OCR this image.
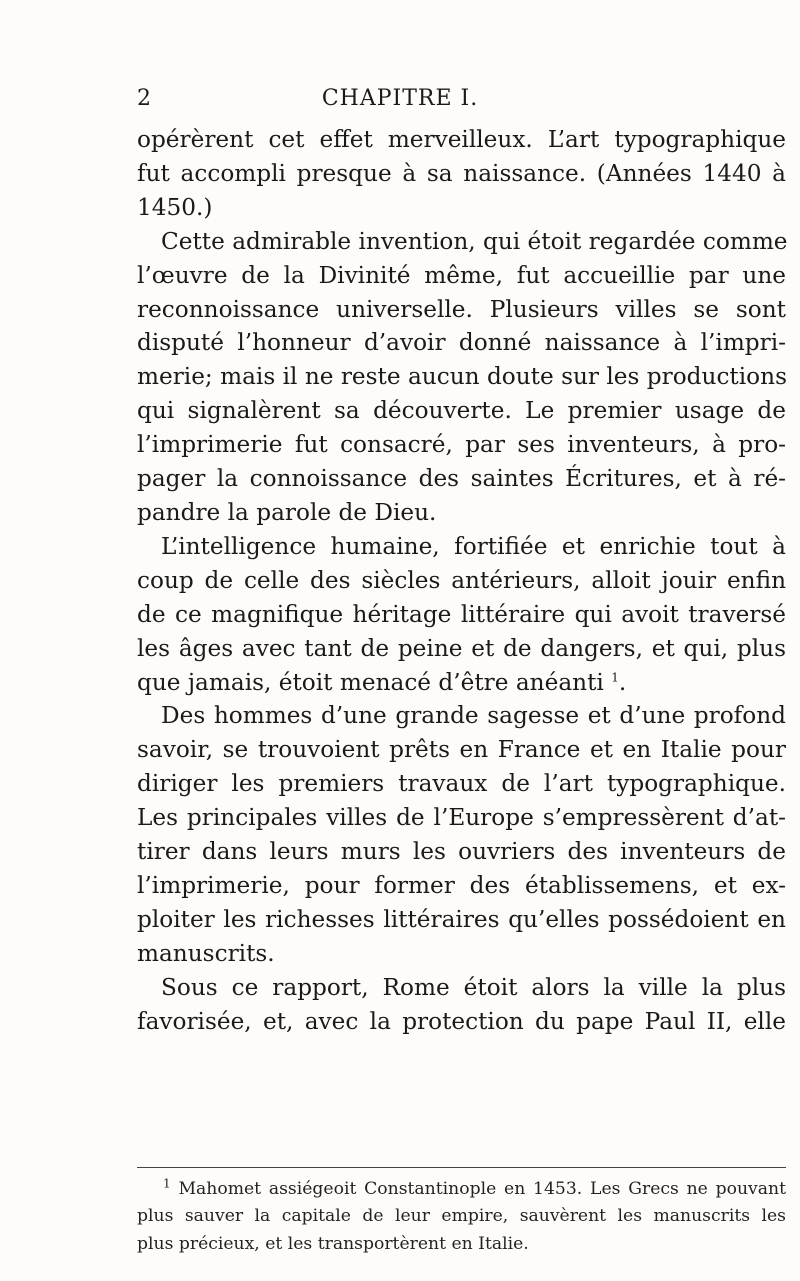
2	CHAPITRE I.
opérèrent cet effet merveilleux. L’art typographique
fut accompli presque à sa naissance. (Années 1440 à
1450.)
Cette admirable invention, qui étoit regardée comme
l’œuvre de la Divinité même, fut accueillie par une
reconnoissance universelle. Plusieurs villes se sont
disputé l’honneur d’avoir donné naissance à l’impri-
merie; mais il ne reste aucun doute sur les productions
qui signalèrent sa découverte. Le premier usage de
l’imprimerie fut consacré, par ses inventeurs, à pro-
pager la connoissance des saintes Écritures, et à ré-
pandre la parole de Dieu.
L’intelligence humaine, fortifiée et enrichie tout à
coup de celle des siècles antérieurs, alloit jouir enfin
de ce magnifique héritage littéraire qui avoit traversé
les âges avec tant de peine et de dangers, et qui, plus
que jamais, étoit menacé d’être anéanti $^1$.
Des hommes d’une grande sagesse et d’une profond
savoir, se trouvoient prêts en France et en Italie pour
diriger les premiers travaux de l’art typographique.
Les principales villes de l’Europe s’empressèrent d’at-
tirer dans leurs murs les ouvriers des inventeurs de
l’imprimerie, pour former des établissemens, et ex-
ploiter les richesses littéraires qu’elles possédoient en
manuscrits.
Sous ce rapport, Rome étoit alors la ville la plus
favorisée, et, avec la protection du pape Paul II, elle
$^1$ Mahomet assiégeoit Constantinople en 1453. Les Grecs ne pouvant
plus sauver la capitale de leur empire, sauvèrent les manuscrits les
plus précieux, et les transportèrent en Italie.
